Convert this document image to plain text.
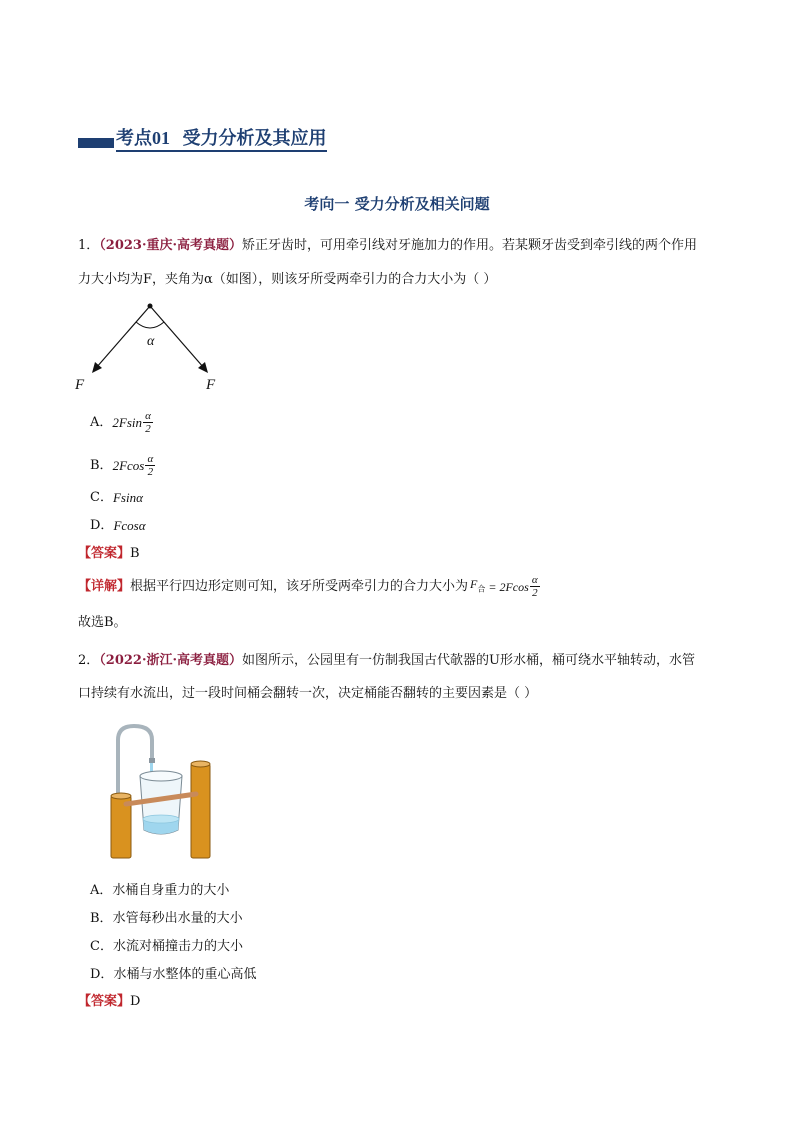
考点01 受力分析及其应用
考向一 受力分析及相关问题
1．（2023·重庆·高考真题）矫正牙齿时，可用牵引线对牙施加力的作用。若某颗牙齿受到牵引线的两个作用
力大小均为F，夹角为α（如图），则该牙所受两牵引力的合力大小为（ ）
α
F	F
A． $2Fsin \frac{\alpha}{2}$
B． $2Fcos \frac{\alpha}{2}$
C． Fsinα
D． Fcosα
【答案】B
【详解】 根据平行四边形定则可知，该牙所受两牵引力的合力大小为 $F_合 = 2Fcos \frac{\alpha}{2}$
故选B。
2．（2022·浙江·高考真题）如图所示，公园里有一仿制我国古代欹器的U形水桶，桶可绕水平轴转动，水管
口持续有水流出，过一段时间桶会翻转一次，决定桶能否翻转的主要因素是（ ）
A． 水桶自身重力的大小
B． 水管每秒出水量的大小
C． 水流对桶撞击力的大小
D． 水桶与水整体的重心高低
【答案】D
